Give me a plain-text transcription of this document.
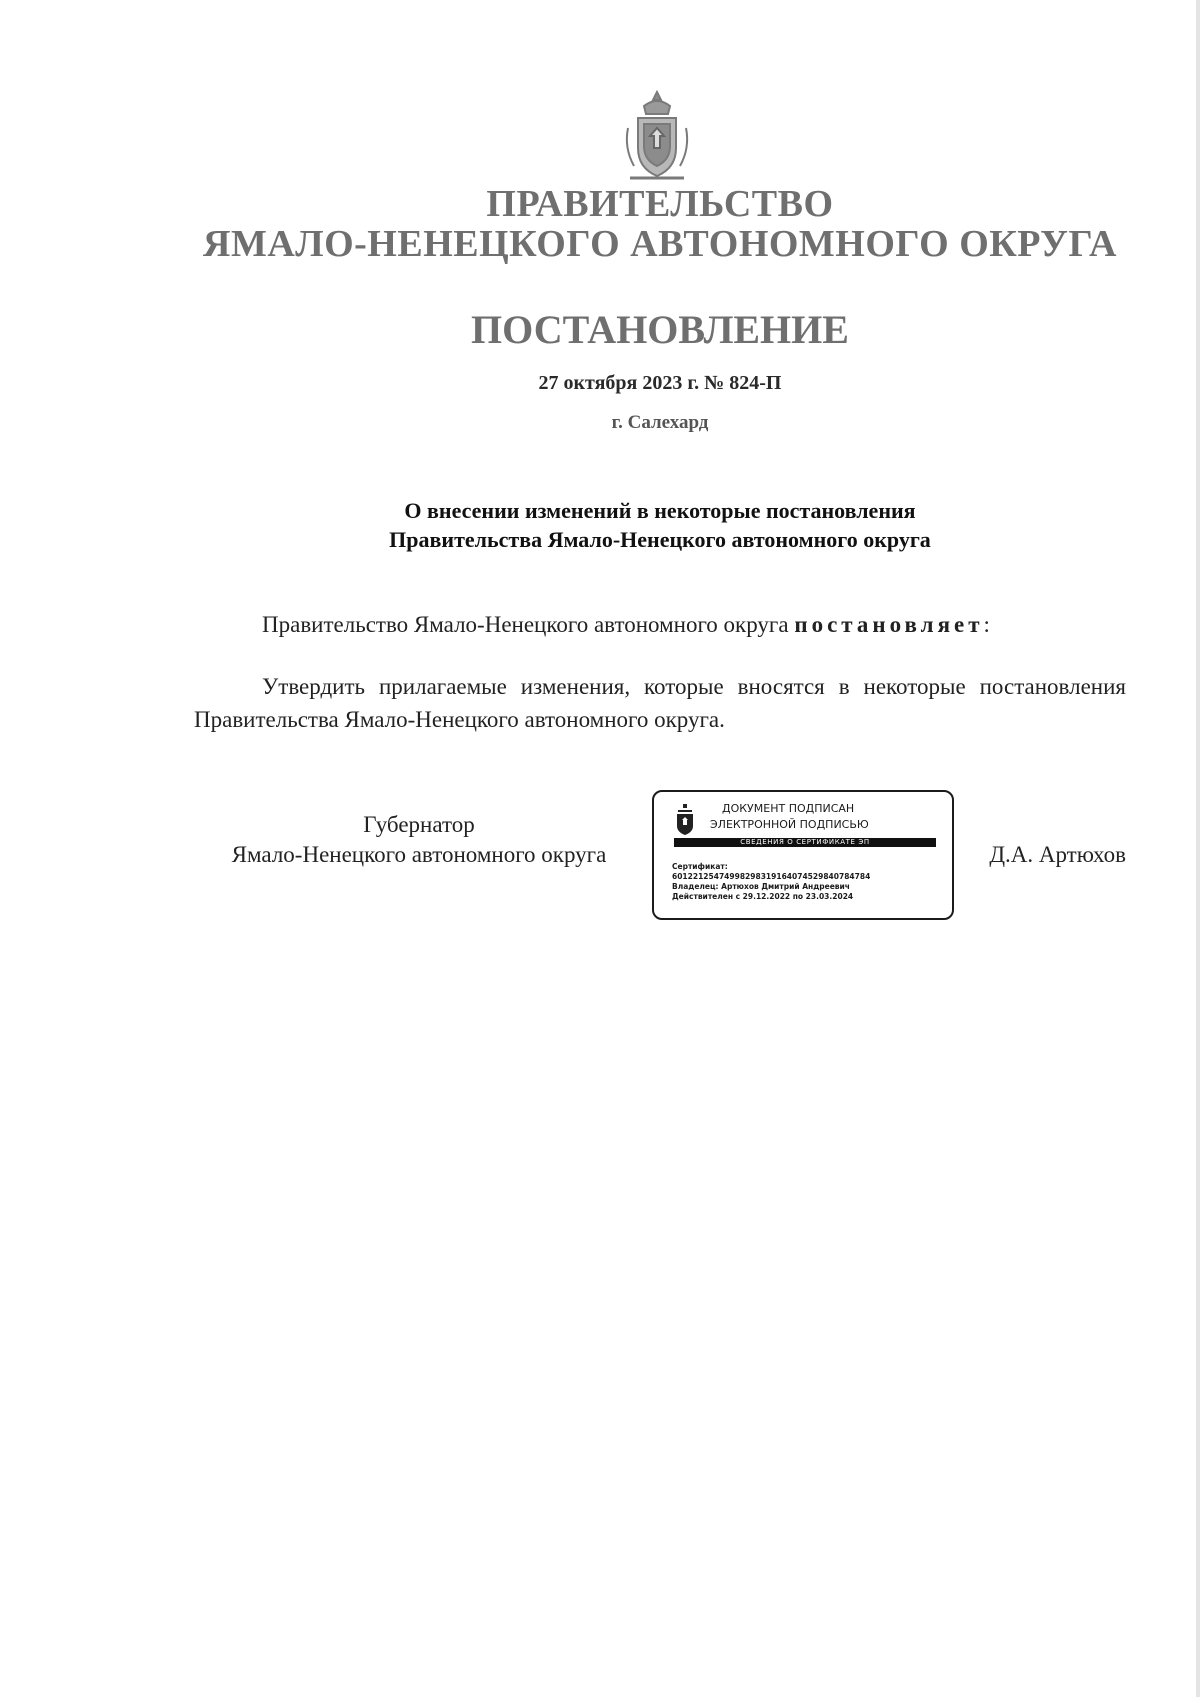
ПРАВИТЕЛЬСТВО
ЯМАЛО-НЕНЕЦКОГО АВТОНОМНОГО ОКРУГА
ПОСТАНОВЛЕНИЕ
27 октября 2023 г. № 824-П
г. Салехард
О внесении изменений в некоторые постановления
Правительства Ямало-Ненецкого автономного округа
Правительство Ямало-Ненецкого автономного округа постановляет:
Утвердить прилагаемые изменения, которые вносятся в некоторые постановления Правительства Ямало-Ненецкого автономного округа.
Губернатор
Ямало-Ненецкого автономного округа
ДОКУМЕНТ ПОДПИСАН
ЭЛЕКТРОННОЙ ПОДПИСЬЮ
СВЕДЕНИЯ О СЕРТИФИКАТЕ ЭП
Сертификат:
6012212547499829831916407452984078478​4
Владелец: Артюхов Дмитрий Андреевич
Действителен с 29.12.2022 по 23.03.2024
Д.А. Артюхов
